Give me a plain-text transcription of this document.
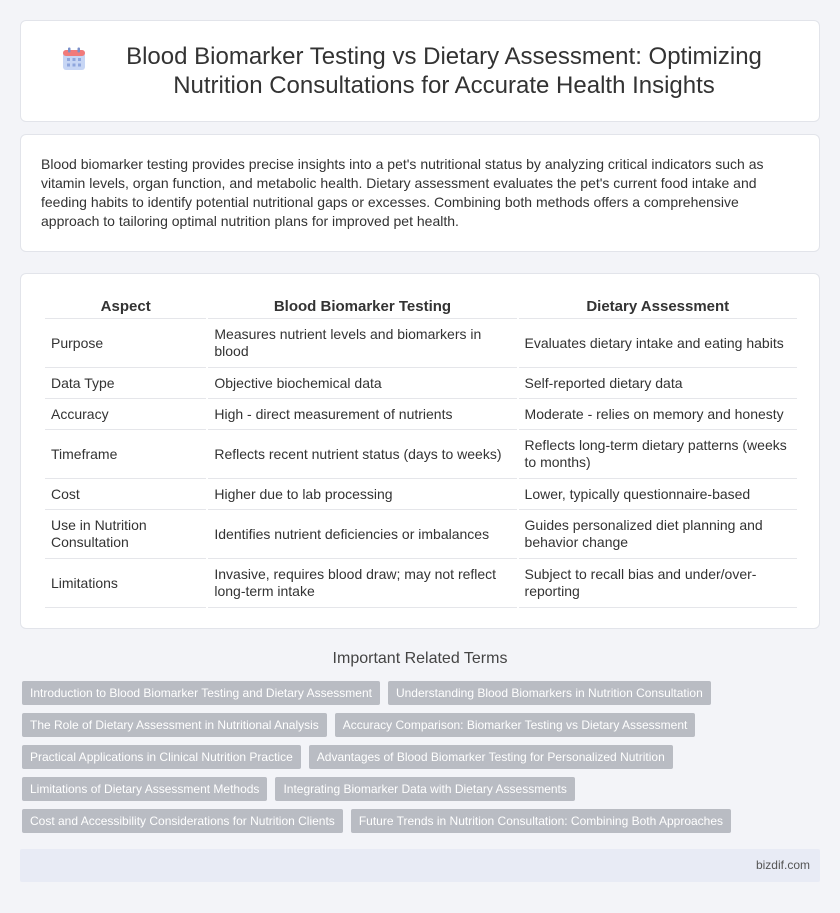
Blood Biomarker Testing vs Dietary Assessment: Optimizing Nutrition Consultations for Accurate Health Insights

Blood biomarker testing provides precise insights into a pet's nutritional status by analyzing critical indicators such as vitamin levels, organ function, and metabolic health. Dietary assessment evaluates the pet's current food intake and feeding habits to identify potential nutritional gaps or excesses. Combining both methods offers a comprehensive approach to tailoring optimal nutrition plans for improved pet health.

Aspect	Blood Biomarker Testing	Dietary Assessment
Purpose	Measures nutrient levels and biomarkers in blood	Evaluates dietary intake and eating habits
Data Type	Objective biochemical data	Self-reported dietary data
Accuracy	High - direct measurement of nutrients	Moderate - relies on memory and honesty
Timeframe	Reflects recent nutrient status (days to weeks)	Reflects long-term dietary patterns (weeks to months)
Cost	Higher due to lab processing	Lower, typically questionnaire-based
Use in Nutrition Consultation	Identifies nutrient deficiencies or imbalances	Guides personalized diet planning and behavior change
Limitations	Invasive, requires blood draw; may not reflect long-term intake	Subject to recall bias and under/over-reporting
Important Related Terms
Introduction to Blood Biomarker Testing and Dietary Assessment	Understanding Blood Biomarkers in Nutrition Consultation
The Role of Dietary Assessment in Nutritional Analysis	Accuracy Comparison: Biomarker Testing vs Dietary Assessment
Practical Applications in Clinical Nutrition Practice	Advantages of Blood Biomarker Testing for Personalized Nutrition
Limitations of Dietary Assessment Methods	Integrating Biomarker Data with Dietary Assessments
Cost and Accessibility Considerations for Nutrition Clients	Future Trends in Nutrition Consultation: Combining Both Approaches
bizdif.com
